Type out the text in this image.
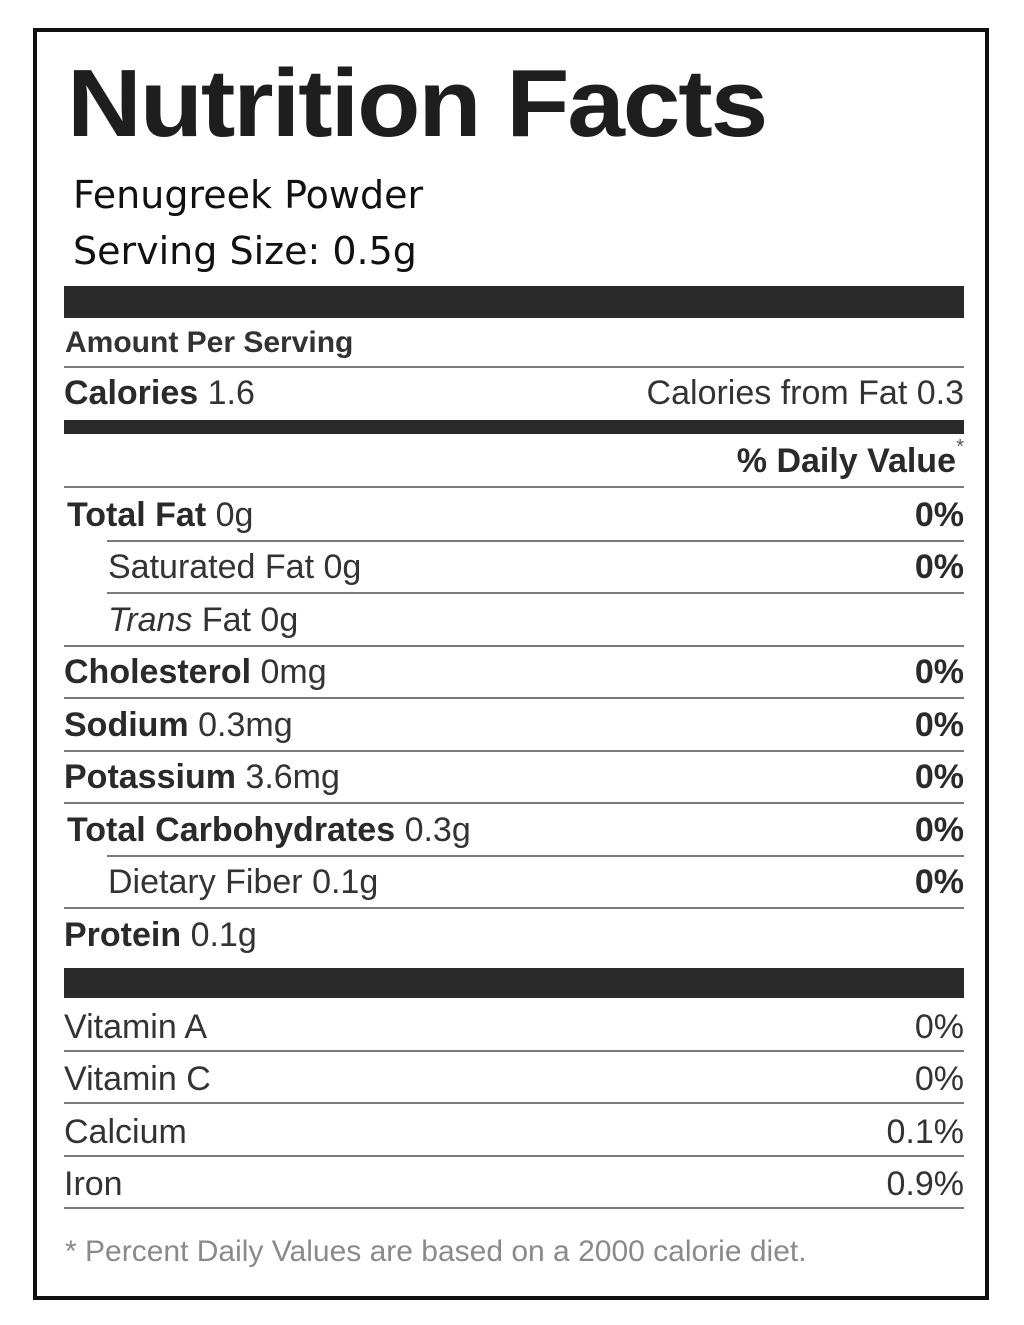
Nutrition Facts
Fenugreek Powder
Serving Size: 0.5g
Amount Per Serving
Calories 1.6	Calories from Fat 0.3
% Daily Value *
Total Fat 0g	0%
Saturated Fat 0g	0%
Trans Fat 0g
Cholesterol 0mg	0%
Sodium 0.3mg	0%
Potassium 3.6mg	0%
Total Carbohydrates 0.3g	0%
Dietary Fiber 0.1g	0%
Protein 0.1g
Vitamin A	0%
Vitamin C	0%
Calcium	0.1%
Iron	0.9%
* Percent Daily Values are based on a 2000 calorie diet.
